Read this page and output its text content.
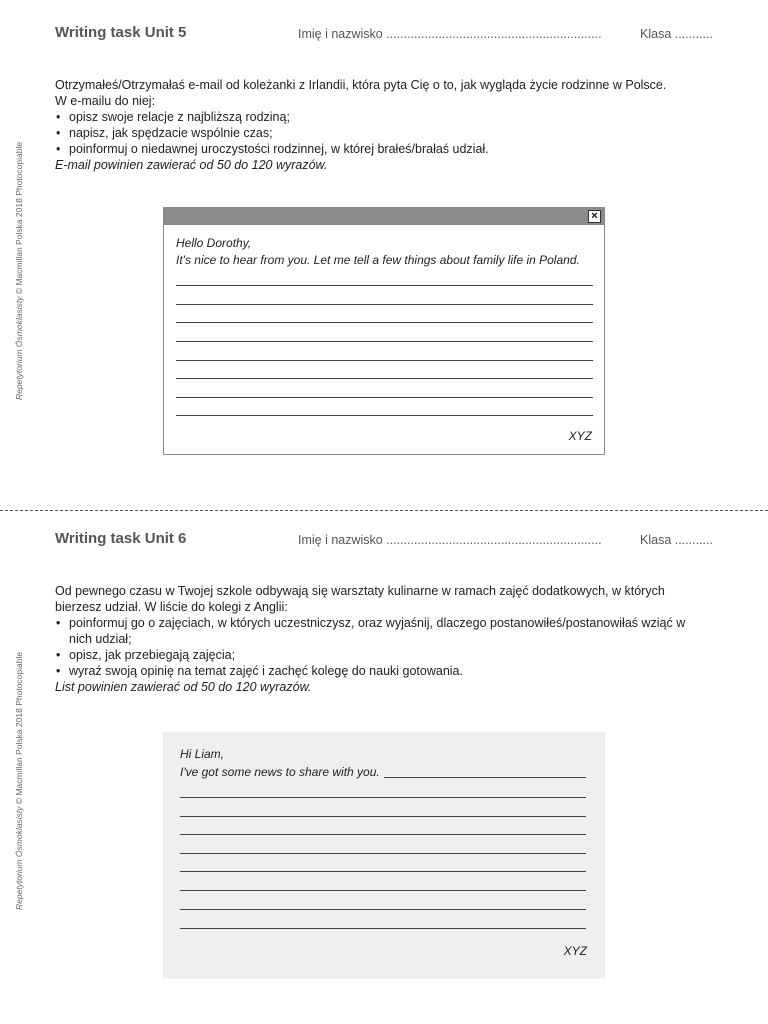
Repetytorium Ósmoklasisty © Macmillan Polska 2018 Photocopiable
Repetytorium Ósmoklasisty © Macmillan Polska 2018 Photocopiable
Writing task Unit 5	Imię i nazwisko ..............................................................	Klasa ...........
Otrzymałeś/Otrzymałaś e-mail od koleżanki z Irlandii, która pyta Cię o to, jak wygląda życie rodzinne w Polsce.
W e-mailu do niej:
• opisz swoje relacje z najbliższą rodziną;
• napisz, jak spędzacie wspólnie czas;
• poinformuj o niedawnej uroczystości rodzinnej, w której brałeś/brałaś udział.
E-mail powinien zawierać od 50 do 120 wyrazów.
×
Hello Dorothy,
It's nice to hear from you. Let me tell a few things about family life in Poland.
XYZ
Writing task Unit 6	Imię i nazwisko ..............................................................	Klasa ...........
Od pewnego czasu w Twojej szkole odbywają się warsztaty kulinarne w ramach zajęć dodatkowych, w których
bierzesz udział. W liście do kolegi z Anglii:
• poinformuj go o zajęciach, w których uczestniczysz, oraz wyjaśnij, dlaczego postanowiłeś/postanowiłaś wziąć w nich udział;
• opisz, jak przebiegają zajęcia;
• wyraź swoją opinię na temat zajęć i zachęć kolegę do nauki gotowania.
List powinien zawierać od 50 do 120 wyrazów.
Hi Liam,
I've got some news to share with you.
XYZ
